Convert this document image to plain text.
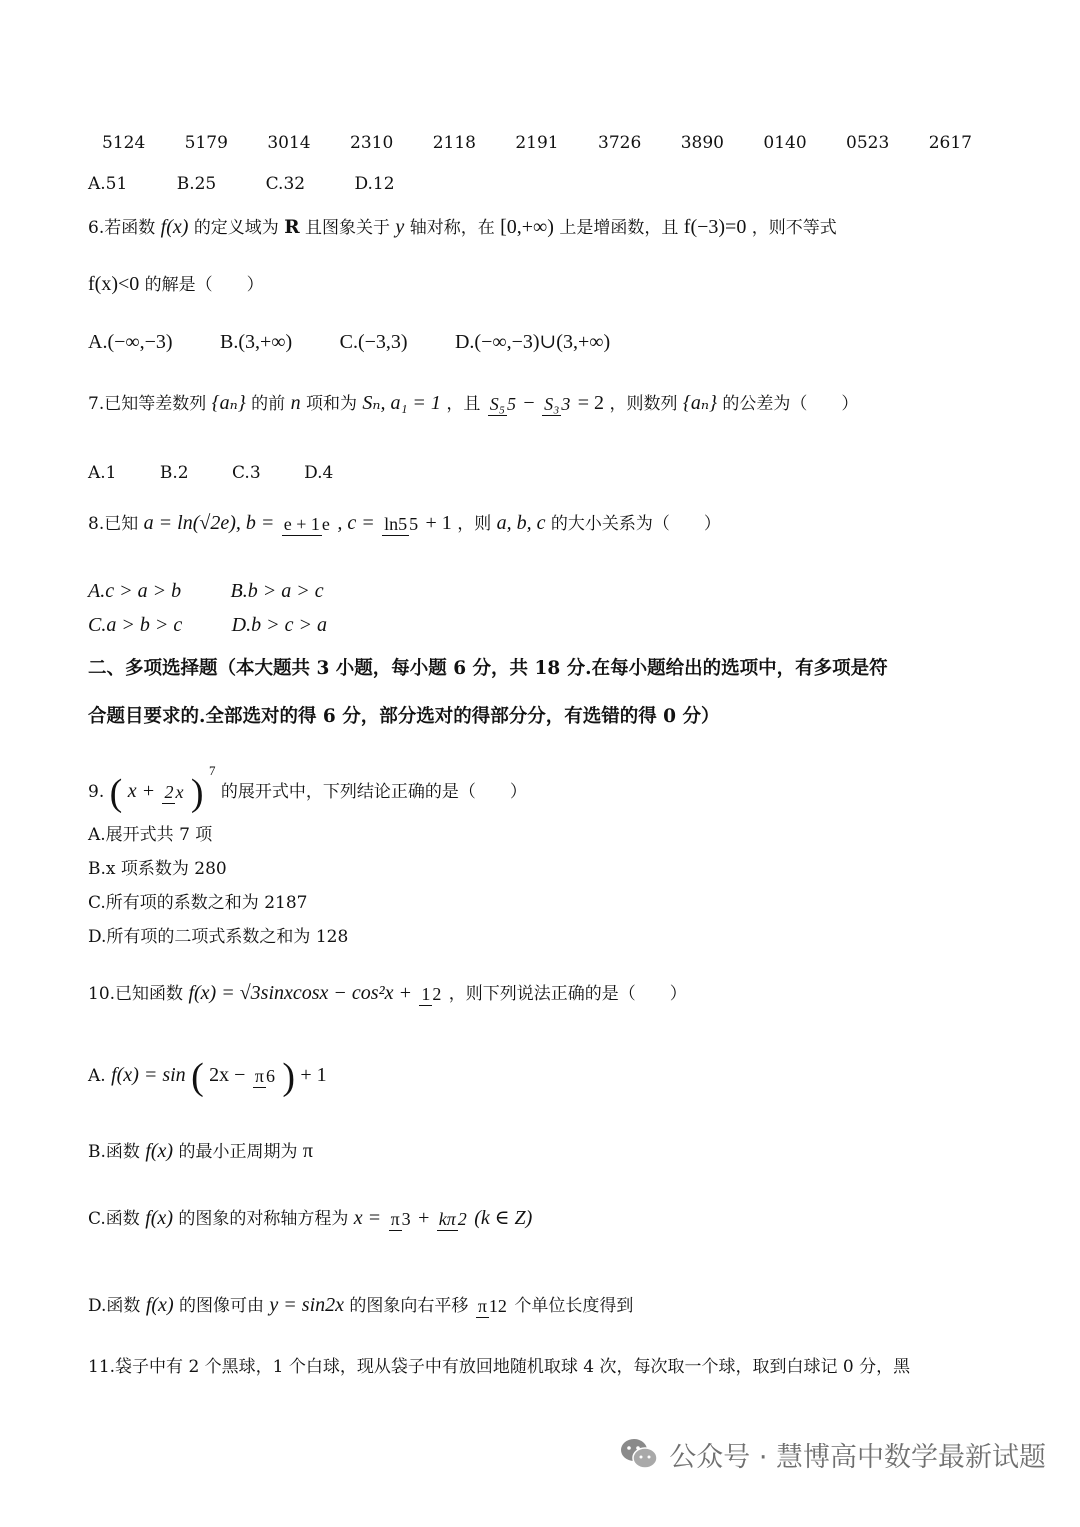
5124 5179 3014 2310 2118 2191 3726 3890 0140 0523 2617
A.51	B.25	C.32	D.12
6.若函数 f(x) 的定义域为 R 且图象关于 y 轴对称，在 [0,+∞) 上是增函数，且 f(−3)=0 ，则不等式
f(x)<0 的解是（　　）
A.(−∞,−3) B.(3,+∞) C.(−3,3) D.(−∞,−3)∪(3,+∞)
7.已知等差数列 {aₙ} 的前 n 项和为 Sₙ, a₁ = 1 ，且 S₅ 5 − S₃ 3 = 2 ，则数列 {aₙ} 的公差为（　　）
A.1	B.2	C.3	D.4
8.已知 a = ln(√2e), b = e + 1 e , c = ln5 5 + 1 ，则 a, b, c 的大小关系为（　　）
A.c > a > b B.b > a > c
C.a > b > c D.b > c > a
二、多项选择题（本大题共 3 小题，每小题 6 分，共 18 分.在每小题给出的选项中，有多项是符
合题目要求的.全部选对的得 6 分，部分选对的得部分分，有选错的得 0 分）
9. ( x + 2 x ) $^7$ 的展开式中，下列结论正确的是（　　）
A.展开式共 7 项
B.x 项系数为 280
C.所有项的系数之和为 2187
D.所有项的二项式系数之和为 128
10.已知函数 f(x) = √3sinxcosx − cos²x + 1 2 ，则下列说法正确的是（　　）
A. f(x) = sin ( 2x − π 6 ) + 1
B.函数 f(x) 的最小正周期为 π
C.函数 f(x) 的图象的对称轴方程为 x = π 3 + kπ 2 (k ∈ Z)
D.函数 f(x) 的图像可由 y = sin2x 的图象向右平移 π 12 个单位长度得到
11.袋子中有 2 个黑球，1 个白球，现从袋子中有放回地随机取球 4 次，每次取一个球，取到白球记 0 分，黑
公众号 · 慧博高中数学最新试题
